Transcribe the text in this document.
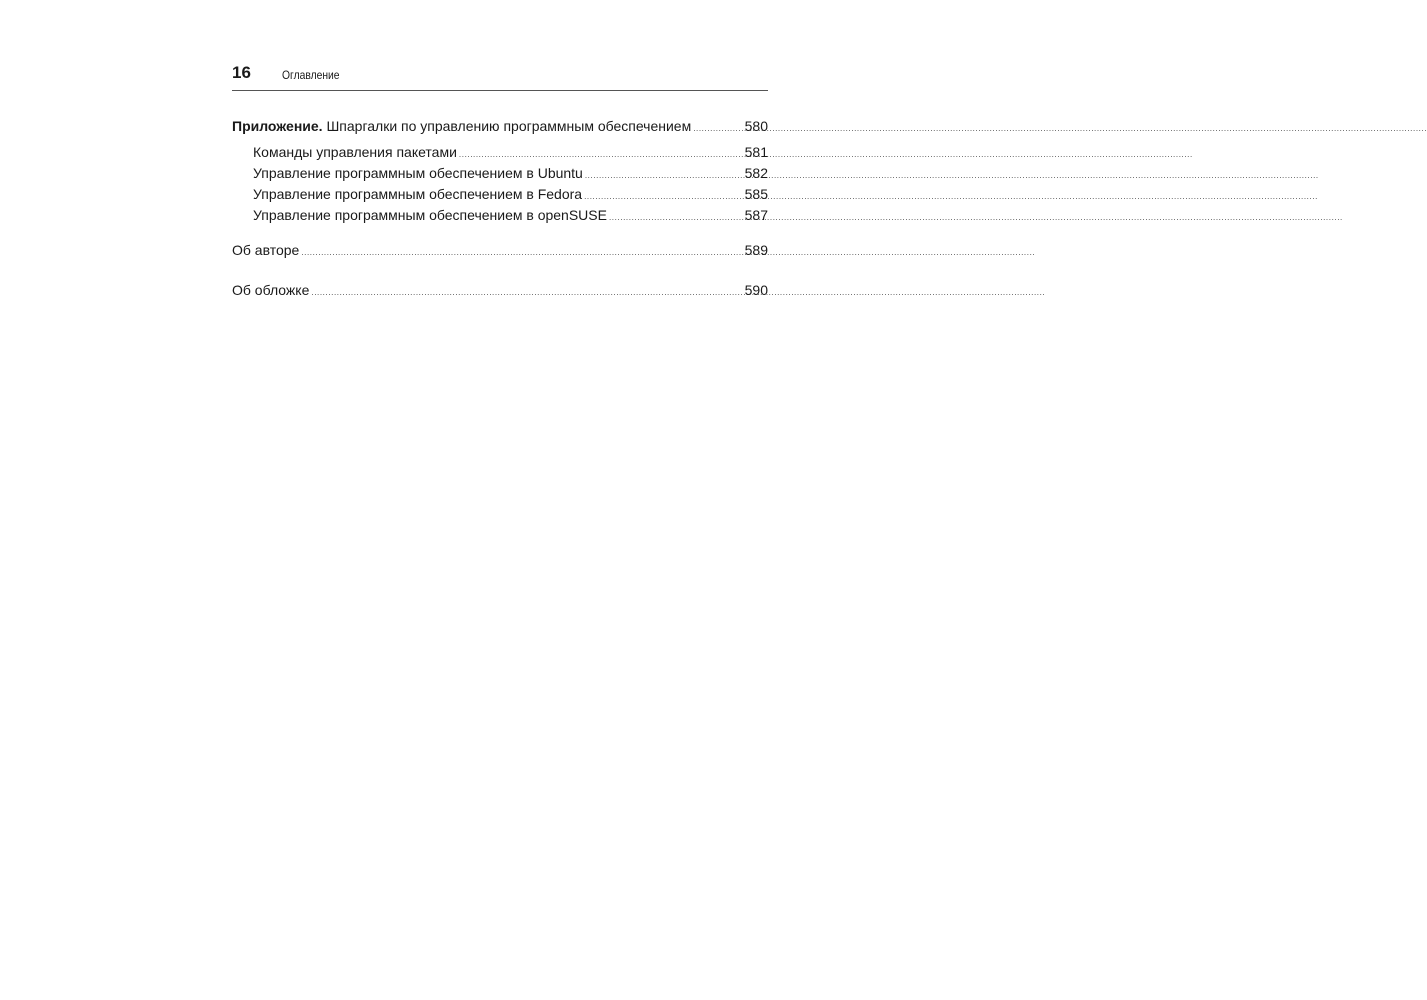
16	Оглавление
Приложение. Шпаргалки по управлению программным обеспечением .....	580
Команды управления пакетами .....	581
Управление программным обеспечением в Ubuntu .....	582
Управление программным обеспечением в Fedora .....	585
Управление программным обеспечением в openSUSE .....	587
Об авторе .....	589
Об обложке .....	590
